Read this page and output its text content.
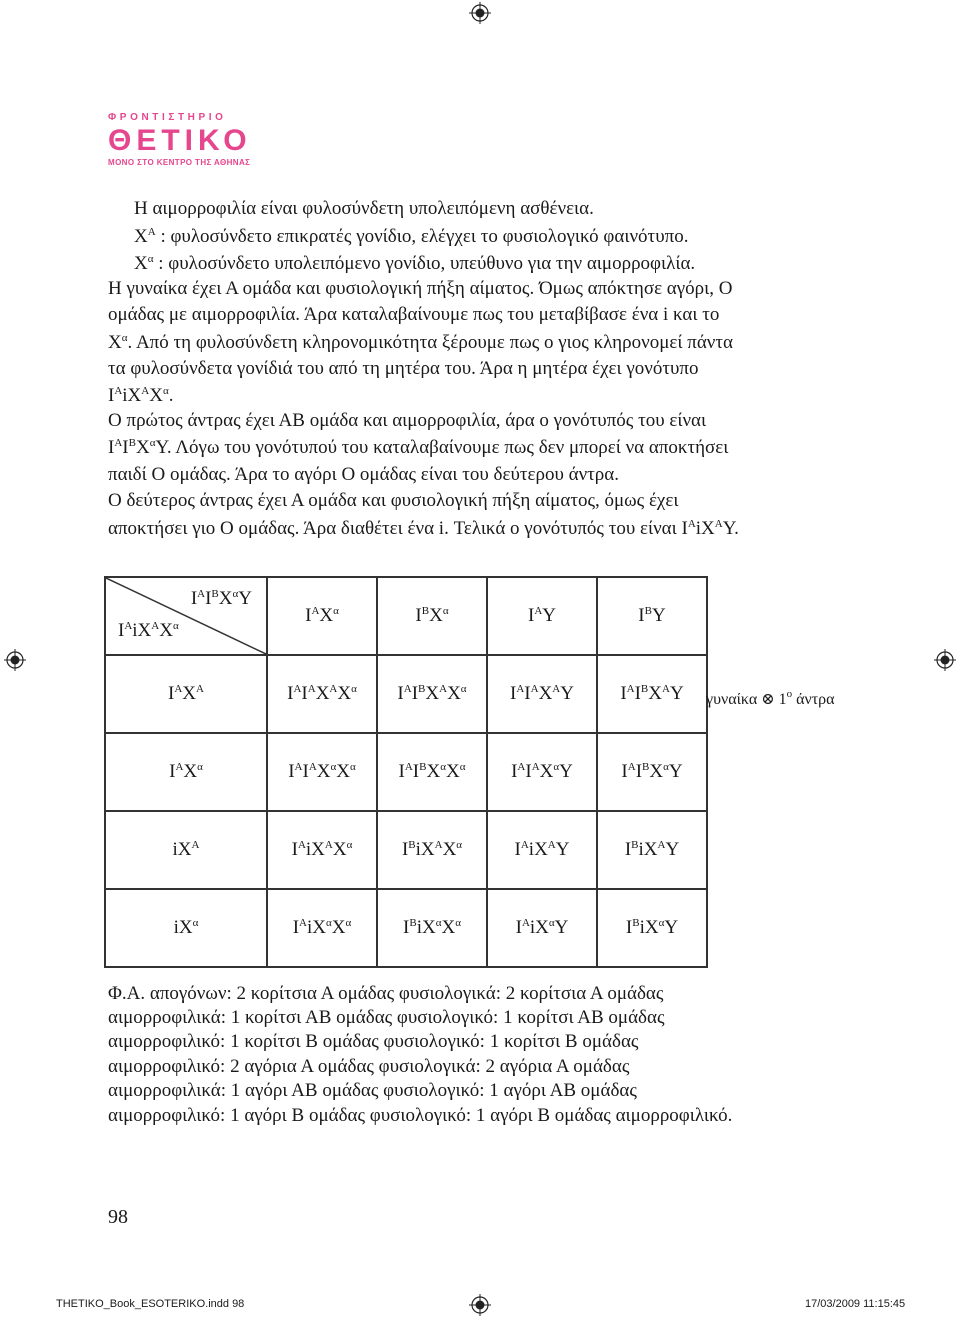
ΦΡΟΝΤΙΣΤΗΡΙΟ
ΘΕΤΙΚΟ
ΜΟΝΟ ΣΤΟ ΚΕΝΤΡΟ ΤΗΣ ΑΘΗΝΑΣ
Η αιμορροφιλία είναι φυλοσύνδετη υπολειπόμενη ασθένεια.
$X^A$ : φυλοσύνδετο επικρατές γονίδιο, ελέγχει το φυσιολογικό φαινότυπο.
$X^\alpha$ : φυλοσύνδετο υπολειπόμενο γονίδιο, υπεύθυνο για την αιμορροφιλία.
Η γυναίκα έχει Α ομάδα και φυσιολογική πήξη αίματος. Όμως απόκτησε αγόρι, Ο
ομάδας με αιμορροφιλία. Άρα καταλαβαίνουμε πως του μεταβίβασε ένα i και το
$X^\alpha$. Από τη φυλοσύνδετη κληρονομικότητα ξέρουμε πως ο γιος κληρονομεί πάντα
τα φυλοσύνδετα γονίδιά του από τη μητέρα του. Άρα η μητέρα έχει γονότυπο
$I^AiX^AX^\alpha$.
Ο πρώτος άντρας έχει ΑΒ ομάδα και αιμορροφιλία, άρα ο γονότυπός του είναι
$I^AI^BX^\alpha\Upsilon$. Λόγω του γονότυπού του καταλαβαίνουμε πως δεν μπορεί να αποκτήσει
παιδί Ο ομάδας. Άρα το αγόρι Ο ομάδας είναι του δεύτερου άντρα.
Ο δεύτερος άντρας έχει Α ομάδα και φυσιολογική πήξη αίματος, όμως έχει
αποκτήσει γιο Ο ομάδας. Άρα διαθέτει ένα i. Τελικά ο γονότυπός του είναι $I^AiX^A\Upsilon$.
$I^AI^BX^\alpha\Upsilon$
$I^AiX^AX^\alpha$	$I^AX^\alpha$	$I^BX^\alpha$	$I^A\Upsilon$	$I^B\Upsilon$
$I^AX^A$	$I^AI^AX^AX^\alpha$	$I^AI^BX^AX^\alpha$	$I^AI^AX^A\Upsilon$	$I^AI^BX^A\Upsilon$
$I^AX^\alpha$	$I^AI^AX^\alpha X^\alpha$	$I^AI^BX^\alpha X^\alpha$	$I^AI^AX^\alpha\Upsilon$	$I^AI^BX^\alpha\Upsilon$
$iX^A$	$I^AiX^AX^\alpha$	$I^BiX^AX^\alpha$	$I^AiX^A\Upsilon$	$I^BiX^A\Upsilon$
$iX^\alpha$	$I^AiX^\alpha X^\alpha$	$I^BiX^\alpha X^\alpha$	$I^AiX^\alpha\Upsilon$	$I^BiX^\alpha\Upsilon$
γυναίκα ⊗ $1^o$ άντρα
Φ.Α. απογόνων: 2 κορίτσια Α ομάδας φυσιολογικά: 2 κορίτσια Α ομάδας
αιμορροφιλικά: 1 κορίτσι ΑΒ ομάδας φυσιολογικό: 1 κορίτσι ΑΒ ομάδας
αιμορροφιλικό: 1 κορίτσι Β ομάδας φυσιολογικό: 1 κορίτσι Β ομάδας
αιμορροφιλικό: 2 αγόρια Α ομάδας φυσιολογικά: 2 αγόρια Α ομάδας
αιμορροφιλικά: 1 αγόρι ΑΒ ομάδας φυσιολογικό: 1 αγόρι ΑΒ ομάδας
αιμορροφιλικό: 1 αγόρι Β ομάδας φυσιολογικό: 1 αγόρι Β ομάδας αιμορροφιλικό.
98
THETIKO_Book_ESOTERIKO.indd 98	17/03/2009 11:15:45
